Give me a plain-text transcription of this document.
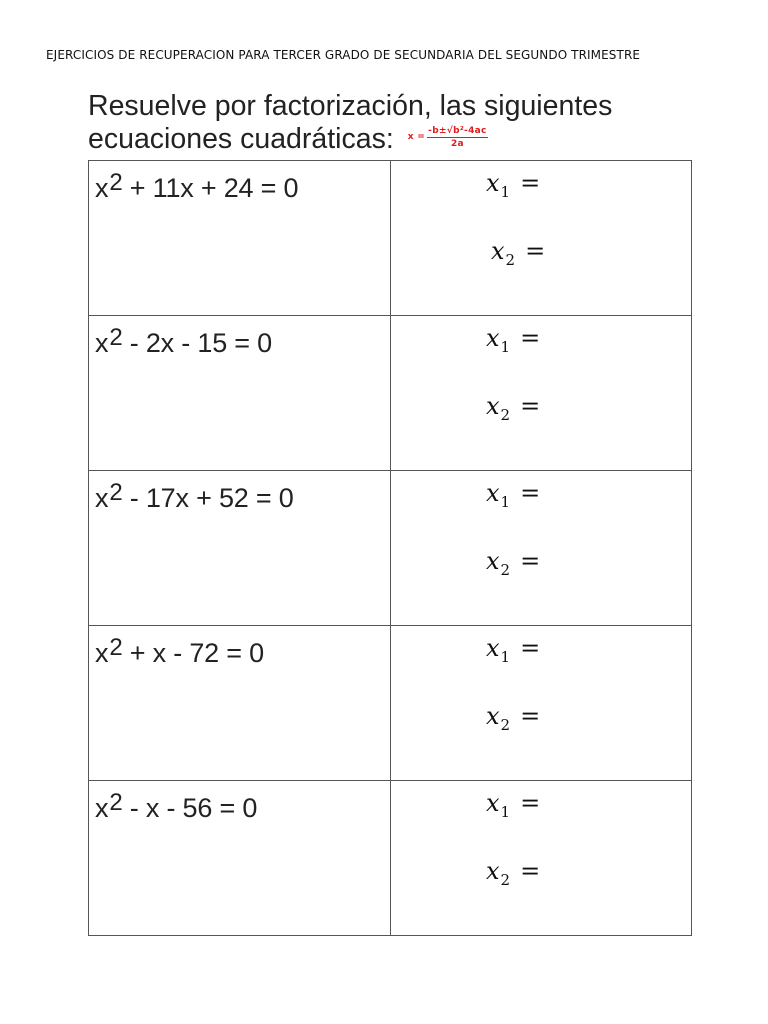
EJERCICIOS DE RECUPERACION PARA TERCER GRADO DE SECUNDARIA DEL SEGUNDO TRIMESTRE
Resuelve por factorización, las siguientes
ecuaciones cuadráticas: $x = \frac{\text{-b±√b²-4ac}}{2a}$
x2 + 11x + 24 = 0	$x_1$ =
$x_2$ =

x2 - 2x - 15 = 0	$x_1$ =
$x_2$ =

x2 - 17x + 52 = 0	$x_1$ =
$x_2$ =

x2 + x - 72 = 0	$x_1$ =
$x_2$ =

x2 - x - 56 = 0	$x_1$ =
$x_2$ =
